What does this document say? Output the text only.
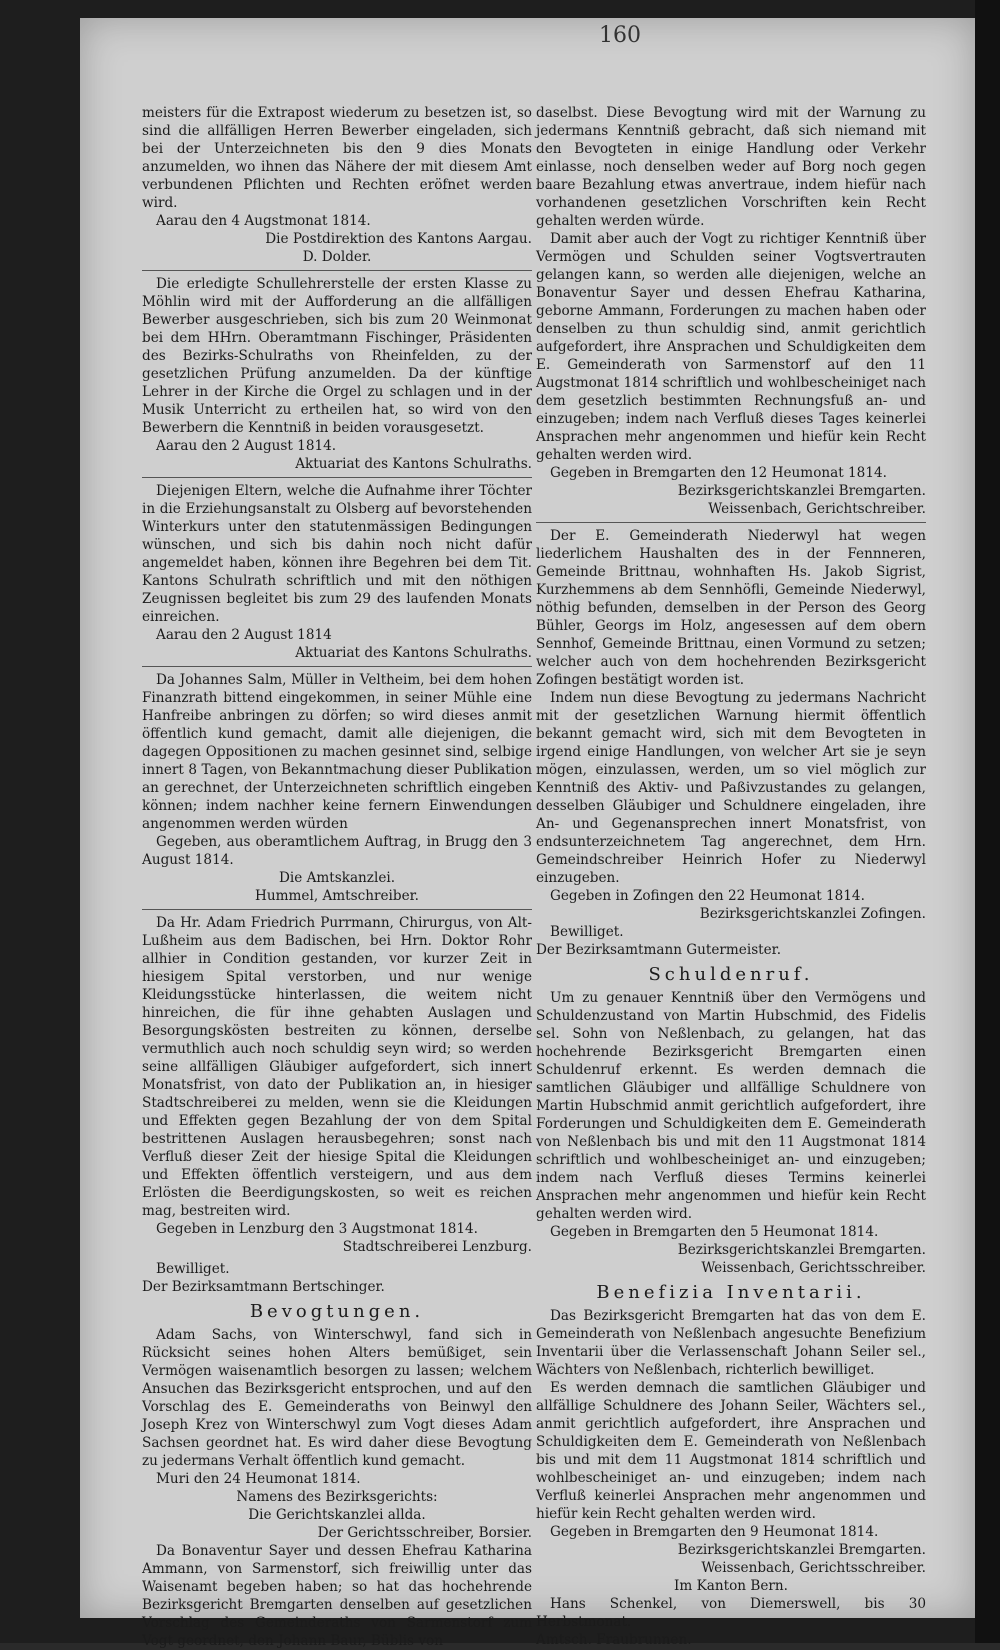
160

meisters für die Extrapost wiederum zu besetzen ist, so sind die allfälligen Herren Bewerber eingeladen, sich bei der Unterzeichneten bis den 9 dies Monats anzumelden, wo ihnen das Nähere der mit diesem Amt verbundenen Pflichten und Rechten eröfnet werden wird.

Aarau den 4 Augstmonat 1814.

Die Postdirektion des Kantons Aargau.

D. Dolder.

Die erledigte Schullehrerstelle der ersten Klasse zu Möhlin wird mit der Aufforderung an die allfälligen Bewerber ausgeschrieben, sich bis zum 20 Weinmonat bei dem HHrn. Oberamtmann Fischinger, Präsidenten des Bezirks-Schulraths von Rheinfelden, zu der gesetzlichen Prüfung anzumelden. Da der künftige Lehrer in der Kirche die Orgel zu schlagen und in der Musik Unterricht zu ertheilen hat, so wird von den Bewerbern die Kenntniß in beiden vorausgesetzt.

Aarau den 2 August 1814.

Aktuariat des Kantons Schulraths.

Diejenigen Eltern, welche die Aufnahme ihrer Töchter in die Erziehungsanstalt zu Olsberg auf bevorstehenden Winterkurs unter den statutenmässigen Bedingungen wünschen, und sich bis dahin noch nicht dafür angemeldet haben, können ihre Begehren bei dem Tit. Kantons Schulrath schriftlich und mit den nöthigen Zeugnissen begleitet bis zum 29 des laufenden Monats einreichen.

Aarau den 2 August 1814

Aktuariat des Kantons Schulraths.

Da Johannes Salm, Müller in Veltheim, bei dem hohen Finanzrath bittend eingekommen, in seiner Mühle eine Hanfreibe anbringen zu dörfen; so wird dieses anmit öffentlich kund gemacht, damit alle diejenigen, die dagegen Oppositionen zu machen gesinnet sind, selbige innert 8 Tagen, von Bekanntmachung dieser Publikation an gerechnet, der Unterzeichneten schriftlich eingeben können; indem nachher keine fernern Einwendungen angenommen werden würden

Gegeben, aus oberamtlichem Auftrag, in Brugg den 3 August 1814.

Die Amtskanzlei.

Hummel, Amtschreiber.

Da Hr. Adam Friedrich Purrmann, Chirurgus, von Alt-Lußheim aus dem Badischen, bei Hrn. Doktor Rohr allhier in Condition gestanden, vor kurzer Zeit in hiesigem Spital verstorben, und nur wenige Kleidungsstücke hinterlassen, die weitem nicht hinreichen, die für ihne gehabten Auslagen und Besorgungskösten bestreiten zu können, derselbe vermuthlich auch noch schuldig seyn wird; so werden seine allfälligen Gläubiger aufgefordert, sich innert Monatsfrist, von dato der Publikation an, in hiesiger Stadtschreiberei zu melden, wenn sie die Kleidungen und Effekten gegen Bezahlung der von dem Spital bestrittenen Auslagen herausbegehren; sonst nach Verfluß dieser Zeit der hiesige Spital die Kleidungen und Effekten öffentlich versteigern, und aus dem Erlösten die Beerdigungskosten, so weit es reichen mag, bestreiten wird.

Gegeben in Lenzburg den 3 Augstmonat 1814.

Stadtschreiberei Lenzburg.

Bewilliget.

Der Bezirksamtmann Bertschinger.

Bevogtungen.

Adam Sachs, von Winterschwyl, fand sich in Rücksicht seines hohen Alters bemüßiget, sein Vermögen waisenamtlich besorgen zu lassen; welchem Ansuchen das Bezirksgericht entsprochen, und auf den Vorschlag des E. Gemeinderaths von Beinwyl den Joseph Krez von Winterschwyl zum Vogt dieses Adam Sachsen geordnet hat. Es wird daher diese Bevogtung zu jedermans Verhalt öffentlich kund gemacht.

Muri den 24 Heumonat 1814.

Namens des Bezirksgerichts:

Die Gerichtskanzlei allda.

Der Gerichtsschreiber, Borsier.

Da Bonaventur Sayer und dessen Ehefrau Katharina Ammann, von Sarmenstorf, sich freiwillig unter das Waisenamt begeben haben; so hat das hochehrende Bezirksgericht Bremgarten denselben auf gesetzlichen Vorschlag des Gemeinderaths von Sarmenstorf zum Vogt geordnet, den Johann Baur, Büblis von

daselbst. Diese Bevogtung wird mit der Warnung zu jedermans Kenntniß gebracht, daß sich niemand mit den Bevogteten in einige Handlung oder Verkehr einlasse, noch denselben weder auf Borg noch gegen baare Bezahlung etwas anvertraue, indem hiefür nach vorhandenen gesetzlichen Vorschriften kein Recht gehalten werden würde.

Damit aber auch der Vogt zu richtiger Kenntniß über Vermögen und Schulden seiner Vogtsvertrauten gelangen kann, so werden alle diejenigen, welche an Bonaventur Sayer und dessen Ehefrau Katharina, geborne Ammann, Forderungen zu machen haben oder denselben zu thun schuldig sind, anmit gerichtlich aufgefordert, ihre Ansprachen und Schuldigkeiten dem E. Gemeinderath von Sarmenstorf auf den 11 Augstmonat 1814 schriftlich und wohlbescheiniget nach dem gesetzlich bestimmten Rechnungsfuß an- und einzugeben; indem nach Verfluß dieses Tages keinerlei Ansprachen mehr angenommen und hiefür kein Recht gehalten werden wird.

Gegeben in Bremgarten den 12 Heumonat 1814.

Bezirksgerichtskanzlei Bremgarten.

Weissenbach, Gerichtschreiber.

Der E. Gemeinderath Niederwyl hat wegen liederlichem Haushalten des in der Fennneren, Gemeinde Brittnau, wohnhaften Hs. Jakob Sigrist, Kurzhemmens ab dem Sennhöfli, Gemeinde Niederwyl, nöthig befunden, demselben in der Person des Georg Bühler, Georgs im Holz, angesessen auf dem obern Sennhof, Gemeinde Brittnau, einen Vormund zu setzen; welcher auch von dem hochehrenden Bezirksgericht Zofingen bestätigt worden ist.

Indem nun diese Bevogtung zu jedermans Nachricht mit der gesetzlichen Warnung hiermit öffentlich bekannt gemacht wird, sich mit dem Bevogteten in irgend einige Handlungen, von welcher Art sie je seyn mögen, einzulassen, werden, um so viel möglich zur Kenntniß des Aktiv- und Paßivzustandes zu gelangen, desselben Gläubiger und Schuldnere eingeladen, ihre An- und Gegenansprechen innert Monatsfrist, von endsunterzeichnetem Tag angerechnet, dem Hrn. Gemeindschreiber Heinrich Hofer zu Niederwyl einzugeben.

Gegeben in Zofingen den 22 Heumonat 1814.

Bezirksgerichtskanzlei Zofingen.

Bewilliget.

Der Bezirksamtmann Gutermeister.

Schuldenruf.

Um zu genauer Kenntniß über den Vermögens und Schuldenzustand von Martin Hubschmid, des Fidelis sel. Sohn von Neßlenbach, zu gelangen, hat das hochehrende Bezirksgericht Bremgarten einen Schuldenruf erkennt. Es werden demnach die samtlichen Gläubiger und allfällige Schuldnere von Martin Hubschmid anmit gerichtlich aufgefordert, ihre Forderungen und Schuldigkeiten dem E. Gemeinderath von Neßlenbach bis und mit den 11 Augstmonat 1814 schriftlich und wohlbescheiniget an- und einzugeben; indem nach Verfluß dieses Termins keinerlei Ansprachen mehr angenommen und hiefür kein Recht gehalten werden wird.

Gegeben in Bremgarten den 5 Heumonat 1814.

Bezirksgerichtskanzlei Bremgarten.

Weissenbach, Gerichtsschreiber.

Benefizia Inventarii.

Das Bezirksgericht Bremgarten hat das von dem E. Gemeinderath von Neßlenbach angesuchte Benefizium Inventarii über die Verlassenschaft Johann Seiler sel., Wächters von Neßlenbach, richterlich bewilliget.

Es werden demnach die samtlichen Gläubiger und allfällige Schuldnere des Johann Seiler, Wächters sel., anmit gerichtlich aufgefordert, ihre Ansprachen und Schuldigkeiten dem E. Gemeinderath von Neßlenbach bis und mit dem 11 Augstmonat 1814 schriftlich und wohlbescheiniget an- und einzugeben; indem nach Verfluß keinerlei Ansprachen mehr angenommen und hiefür kein Recht gehalten werden wird.

Gegeben in Bremgarten den 9 Heumonat 1814.

Bezirksgerichtskanzlei Bremgarten.

Weissenbach, Gerichtsschreiber.

Im Kanton Bern.

Hans Schenkel, von Diemerswell, bis 30 Herbstmonat.

Amtsch. Fraubrunnen.
